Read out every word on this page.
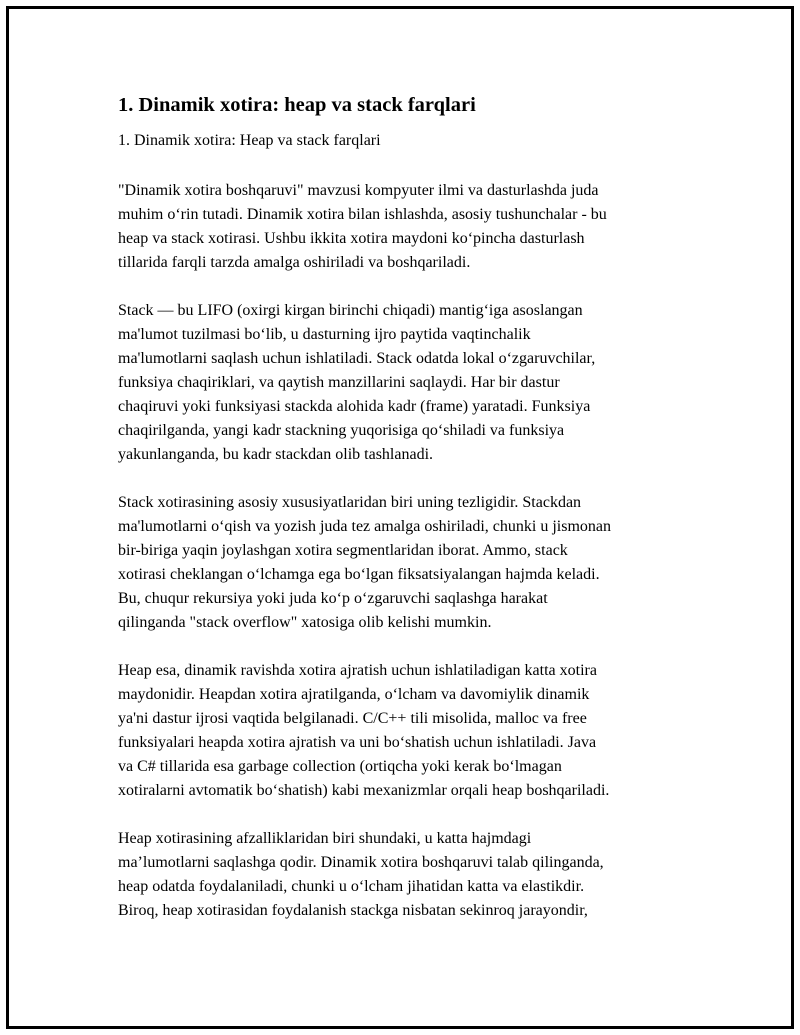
1. Dinamik xotira: heap va stack farqlari
1. Dinamik xotira: Heap va stack farqlari
"Dinamik xotira boshqaruvi" mavzusi kompyuter ilmi va dasturlashda juda
muhim o‘rin tutadi. Dinamik xotira bilan ishlashda, asosiy tushunchalar - bu
heap va stack xotirasi. Ushbu ikkita xotira maydoni ko‘pincha dasturlash
tillarida farqli tarzda amalga oshiriladi va boshqariladi.
Stack — bu LIFO (oxirgi kirgan birinchi chiqadi) mantig‘iga asoslangan
ma'lumot tuzilmasi bo‘lib, u dasturning ijro paytida vaqtinchalik
ma'lumotlarni saqlash uchun ishlatiladi. Stack odatda lokal o‘zgaruvchilar,
funksiya chaqiriklari, va qaytish manzillarini saqlaydi. Har bir dastur
chaqiruvi yoki funksiyasi stackda alohida kadr (frame) yaratadi. Funksiya
chaqirilganda, yangi kadr stackning yuqorisiga qo‘shiladi va funksiya
yakunlanganda, bu kadr stackdan olib tashlanadi.
Stack xotirasining asosiy xususiyatlaridan biri uning tezligidir. Stackdan
ma'lumotlarni o‘qish va yozish juda tez amalga oshiriladi, chunki u jismonan
bir-biriga yaqin joylashgan xotira segmentlaridan iborat. Ammo, stack
xotirasi cheklangan o‘lchamga ega bo‘lgan fiksatsiyalangan hajmda keladi.
Bu, chuqur rekursiya yoki juda ko‘p o‘zgaruvchi saqlashga harakat
qilinganda "stack overflow" xatosiga olib kelishi mumkin.
Heap esa, dinamik ravishda xotira ajratish uchun ishlatiladigan katta xotira
maydonidir. Heapdan xotira ajratilganda, o‘lcham va davomiylik dinamik
ya'ni dastur ijrosi vaqtida belgilanadi. C/C++ tili misolida, malloc va free
funksiyalari heapda xotira ajratish va uni bo‘shatish uchun ishlatiladi. Java
va C# tillarida esa garbage collection (ortiqcha yoki kerak bo‘lmagan
xotiralarni avtomatik bo‘shatish) kabi mexanizmlar orqali heap boshqariladi.
Heap xotirasining afzalliklaridan biri shundaki, u katta hajmdagi
ma’lumotlarni saqlashga qodir. Dinamik xotira boshqaruvi talab qilinganda,
heap odatda foydalaniladi, chunki u o‘lcham jihatidan katta va elastikdir.
Biroq, heap xotirasidan foydalanish stackga nisbatan sekinroq jarayondir,
